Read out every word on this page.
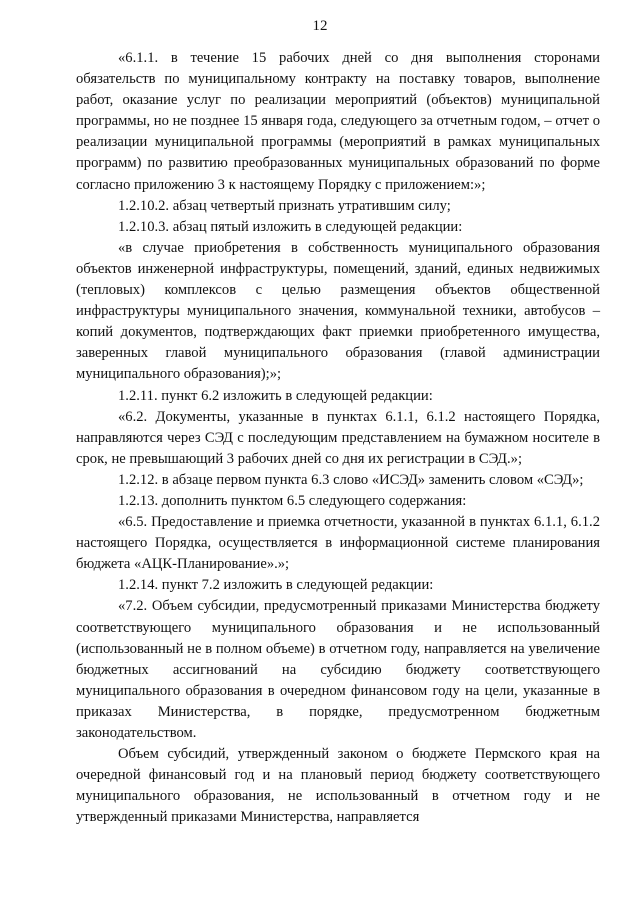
12

«6.1.1. в течение 15 рабочих дней со дня выполнения сторонами обязательств по муниципальному контракту на поставку товаров, выполнение работ, оказание услуг по реализации мероприятий (объектов) муниципальной программы, но не позднее 15 января года, следующего за отчетным годом, – отчет о реализации муниципальной программы (мероприятий в рамках муниципальных программ) по развитию преобразованных муниципальных образований по форме согласно приложению 3 к настоящему Порядку с приложением:»;

1.2.10.2. абзац четвертый признать утратившим силу;

1.2.10.3. абзац пятый изложить в следующей редакции:

«в случае приобретения в собственность муниципального образования объектов инженерной инфраструктуры, помещений, зданий, единых недвижимых (тепловых) комплексов с целью размещения объектов общественной инфраструктуры муниципального значения, коммунальной техники, автобусов – копий документов, подтверждающих факт приемки приобретенного имущества, заверенных главой муниципального образования (главой администрации муниципального образования);»;

1.2.11. пункт 6.2 изложить в следующей редакции:

«6.2. Документы, указанные в пунктах 6.1.1, 6.1.2 настоящего Порядка, направляются через СЭД с последующим представлением на бумажном носителе в срок, не превышающий 3 рабочих дней со дня их регистрации в СЭД.»;

1.2.12. в абзаце первом пункта 6.3 слово «ИСЭД» заменить словом «СЭД»;

1.2.13. дополнить пунктом 6.5 следующего содержания:

«6.5. Предоставление и приемка отчетности, указанной в пунктах 6.1.1, 6.1.2 настоящего Порядка, осуществляется в информационной системе планирования бюджета «АЦК-Планирование».»;

1.2.14. пункт 7.2 изложить в следующей редакции:

«7.2. Объем субсидии, предусмотренный приказами Министерства бюджету соответствующего муниципального образования и не использованный (использованный не в полном объеме) в отчетном году, направляется на увеличение бюджетных ассигнований на субсидию бюджету соответствующего муниципального образования в очередном финансовом году на цели, указанные в приказах Министерства, в порядке, предусмотренном бюджетным законодательством.

Объем субсидий, утвержденный законом о бюджете Пермского края на очередной финансовый год и на плановый период бюджету соответствующего муниципального образования, не использованный в отчетном году и не утвержденный приказами Министерства, направляется
